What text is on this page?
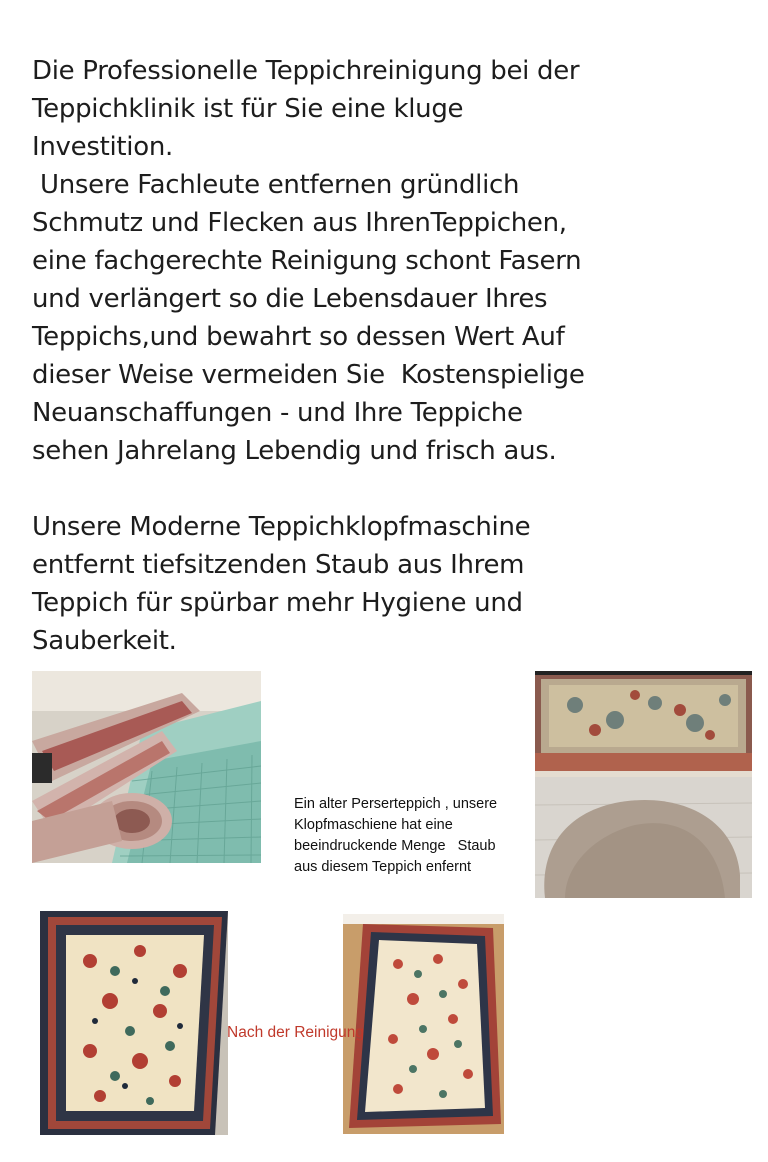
Die Professionelle Teppichreinigung bei der
Teppichklinik ist für Sie eine kluge
Investition.
Unsere Fachleute entfernen gründlich
Schmutz und Flecken aus IhrenTeppichen,
eine fachgerechte Reinigung schont Fasern
und verlängert so die Lebensdauer Ihres
Teppichs,und bewahrt so dessen Wert Auf
dieser Weise vermeiden Sie  Kostenspielige
Neuanschaffungen - und Ihre Teppiche
sehen Jahrelang Lebendig und frisch aus.

Unsere Moderne Teppichklopfmaschine
entfernt tiefsitzenden Staub aus Ihrem
Teppich für spürbar mehr Hygiene und
Sauberkeit.

Ein alter Perserteppich , unsere
Klopfmaschiene hat eine
beeindruckende Menge   Staub
aus diesem Teppich enfernt
Nach der Reinigung
